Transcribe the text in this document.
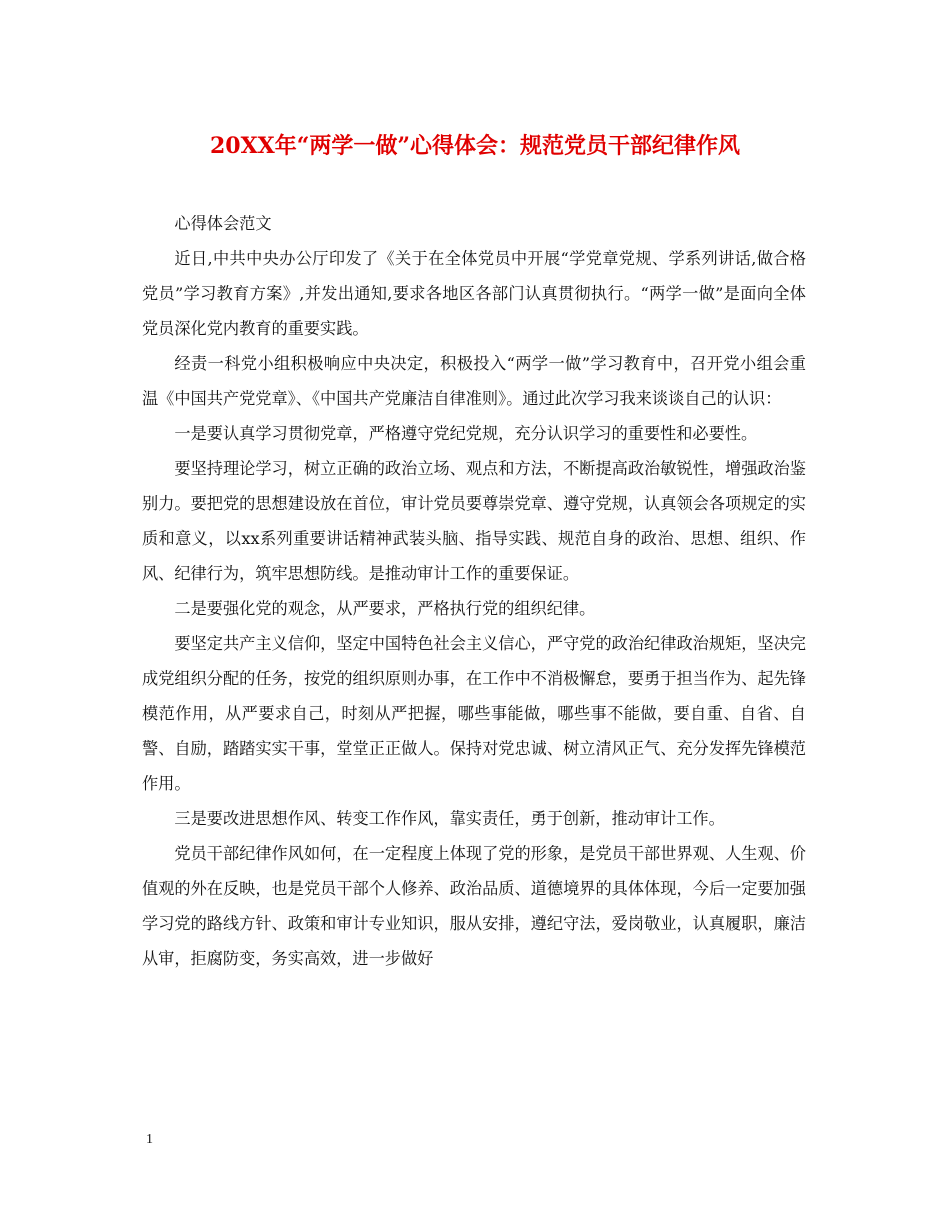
20XX年“两学一做”心得体会：规范党员干部纪律作风

心得体会范文

近日,中共中央办公厅印发了《关于在全体党员中开展“学党章党规、学系列讲话,做合格党员”学习教育方案》,并发出通知,要求各地区各部门认真贯彻执行。“两学一做”是面向全体党员深化党内教育的重要实践。

经责一科党小组积极响应中央决定，积极投入“两学一做”学习教育中，召开党小组会重温《中国共产党党章》、《中国共产党廉洁自律准则》。通过此次学习我来谈谈自己的认识：

一是要认真学习贯彻党章，严格遵守党纪党规，充分认识学习的重要性和必要性。

要坚持理论学习，树立正确的政治立场、观点和方法，不断提高政治敏锐性，增强政治鉴别力。要把党的思想建设放在首位，审计党员要尊崇党章、遵守党规，认真领会各项规定的实质和意义，以xx系列重要讲话精神武装头脑、指导实践、规范自身的政治、思想、组织、作风、纪律行为，筑牢思想防线。是推动审计工作的重要保证。

二是要强化党的观念，从严要求，严格执行党的组织纪律。

要坚定共产主义信仰，坚定中国特色社会主义信心，严守党的政治纪律政治规矩，坚决完成党组织分配的任务，按党的组织原则办事，在工作中不消极懈怠，要勇于担当作为、起先锋模范作用，从严要求自己，时刻从严把握，哪些事能做，哪些事不能做，要自重、自省、自警、自励，踏踏实实干事，堂堂正正做人。保持对党忠诚、树立清风正气、充分发挥先锋模范作用。

三是要改进思想作风、转变工作作风，靠实责任，勇于创新，推动审计工作。

党员干部纪律作风如何，在一定程度上体现了党的形象，是党员干部世界观、人生观、价值观的外在反映，也是党员干部个人修养、政治品质、道德境界的具体体现，今后一定要加强学习党的路线方针、政策和审计专业知识，服从安排，遵纪守法，爱岗敬业，认真履职，廉洁从审，拒腐防变，务实高效，进一步做好

1
